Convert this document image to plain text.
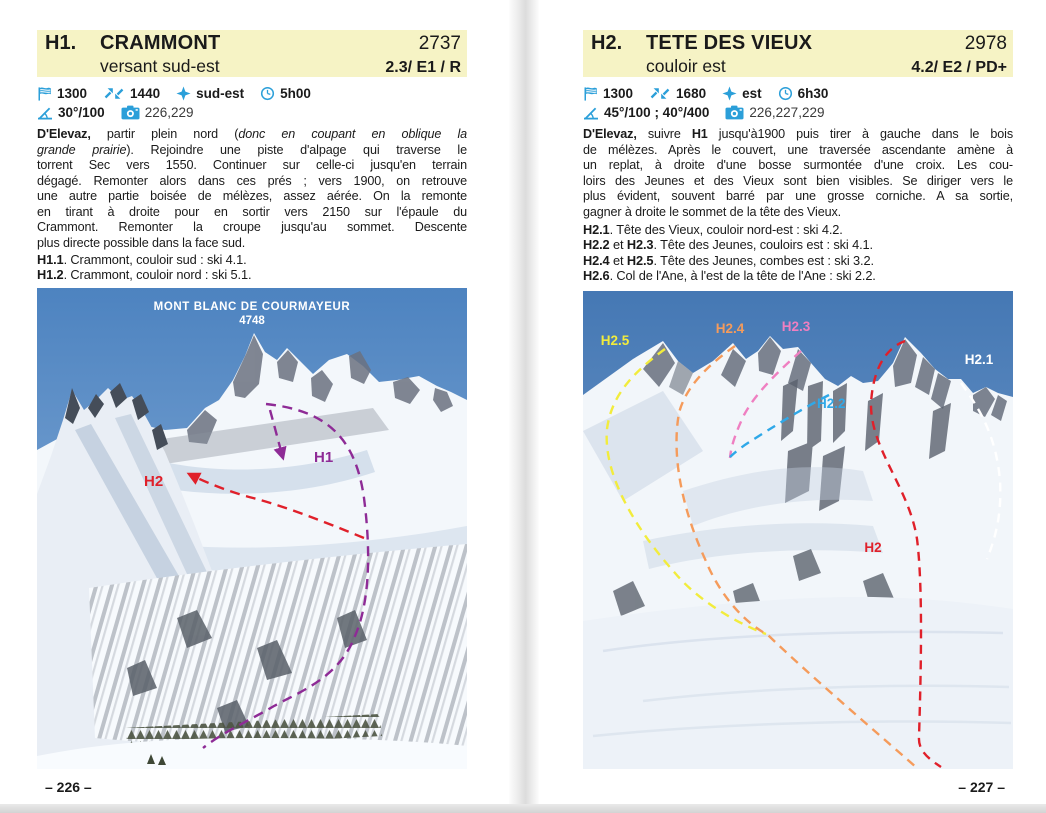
H1.	CRAMMONT	2737
versant sud-est	2.3/ E1 / R
1300	1440	sud-est	5h00
30°/100	226,229
D'Elevaz, partir plein nord (donc en coupant en oblique la
grande prairie). Rejoindre une piste d'alpage qui traverse le
torrent Sec vers 1550. Continuer sur celle-ci jusqu'en terrain
dégagé. Remonter alors dans ces prés ; vers 1900, on retrouve
une autre partie boisée de mélèzes, assez aérée. On la remonte
en tirant à droite pour en sortir vers 2150 sur l'épaule du
Crammont. Remonter la croupe jusqu'au sommet. Descente
plus directe possible dans la face sud.
H1.1. Crammont, couloir sud : ski 4.1.
H1.2. Crammont, couloir nord : ski 5.1.
H1
H2
MONT BLANC DE COURMAYEUR
4748
– 226 –
H2.	TETE DES VIEUX	2978
couloir est	4.2/ E2 / PD+
1300	1680	est	6h30
45°/100 ; 40°/400	226,227,229
D'Elevaz, suivre H1 jusqu'à1900 puis tirer à gauche dans le bois
de mélèzes. Après le couvert, une traversée ascendante amène à
un replat, à droite d'une bosse surmontée d'une croix. Les cou-
loirs des Jeunes et des Vieux sont bien visibles. Se diriger vers le
plus évident, souvent barré par une grosse corniche. A sa sortie,
gagner à droite le sommet de la tête des Vieux.
H2.1. Tête des Vieux, couloir nord-est : ski 4.2.
H2.2 et H2.3. Tête des Jeunes, couloirs est : ski 4.1.
H2.4 et H2.5. Tête des Jeunes, combes est : ski 3.2.
H2.6. Col de l'Ane, à l'est de la tête de l'Ane : ski 2.2.
H2.5
H2.4	H2.3
H2.2
H2.1
H2
– 227 –
